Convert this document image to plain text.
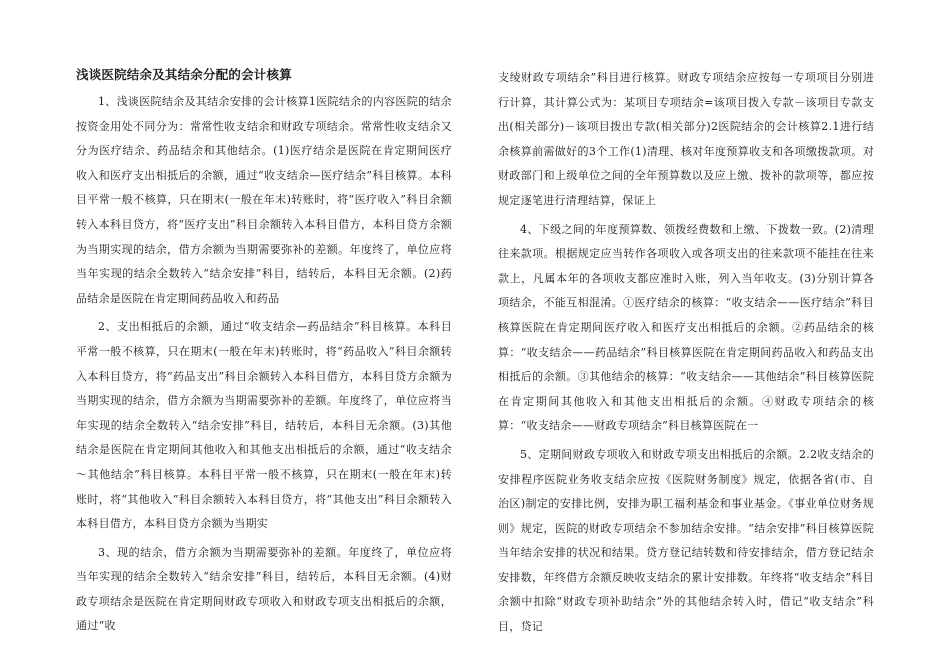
浅谈医院结余及其结余分配的会计核算

1、浅谈医院结余及其结余安排的会计核算1医院结余的内容医院的结余按资金用处不同分为：常常性收支结余和财政专项结余。常常性收支结余又分为医疗结余、药品结余和其他结余。(1)医疗结余是医院在肯定期间医疗收入和医疗支出相抵后的余额，通过“收支结余—医疗结余”科目核算。本科目平常一般不核算，只在期末(一般在年末)转账时，将“医疗收入”科目余额转入本科目贷方，将“医疗支出”科目余额转入本科目借方，本科目贷方余额为当期实现的结余，借方余额为当期需要弥补的差额。年度终了，单位应将当年实现的结余全数转入“结余安排”科目，结转后，本科目无余额。(2)药品结余是医院在肯定期间药品收入和药品

2、支出相抵后的余额，通过“收支结余—药品结余”科目核算。本科目平常一般不核算，只在期末(一般在年末)转账时，将“药品收入”科目余额转入本科目贷方，将“药品支出”科目余额转入本科目借方，本科目贷方余额为当期实现的结余，借方余额为当期需要弥补的差额。年度终了，单位应将当年实现的结余全数转入“结余安排”科目，结转后，本科目无余额。(3)其他结余是医院在肯定期间其他收入和其他支出相抵后的余额，通过“收支结余～其他结余”科目核算。本科目平常一般不核算，只在期末(一般在年末)转账时，将“其他收入”科目余额转入本科目贷方，将“其他支出”科目余额转入本科目借方，本科目贷方余额为当期实

3、现的结余，借方余额为当期需要弥补的差额。年度终了，单位应将当年实现的结余全数转入“结余安排”科目，结转后，本科目无余额。(4)财政专项结余是医院在肯定期间财政专项收入和财政专项支出相抵后的余额，通过“收

支绫财政专项结余”科目进行核算。财政专项结余应按每一专项项目分别进行计算，其计算公式为：某项目专项结余=该项目拨入专款－该项目专款支出(相关部分)－该项目拨出专款(相关部分)2医院结余的会计核算2.1进行结余核算前需做好的3个工作(1)清理、核对年度预算收支和各项缴拨款项。对财政部门和上级单位之间的全年预算数以及应上缴、拨补的款项等，都应按规定逐笔进行清理结算，保证上

4、下级之间的年度预算数、领拨经费数和上缴、下拨数一致。(2)清理往来款项。根据规定应当转作各项收入或各项支出的往来款项不能挂在往来款上，凡属本年的各项收支都应准时入账，列入当年收支。(3)分别计算各项结余，不能互相混淆。①医疗结余的核算：“收支结余——医疗结余”科目核算医院在肯定期间医疗收入和医疗支出相抵后的余额。②药品结余的核算：“收支结余——药品结余”科目核算医院在肯定期间药品收入和药品支出相抵后的余额。③其他结余的核算：“收支结余——其他结余”科目核算医院在肯定期间其他收入和其他支出相抵后的余额。④财政专项结余的核算：“收支结余——财政专项结余”科目核算医院在一

5、定期间财政专项收入和财政专项支出相抵后的余额。2.2收支结余的安排程序医院业务收支结余应按《医院财务制度》规定，依据各省(市、自治区)制定的安排比例，安排为职工福利基金和事业基金。《事业单位财务规则》规定，医院的财政专项结余不参加结余安排。“结余安排”科目核算医院当年结余安排的状况和结果。贷方登记结转数和待安排结余，借方登记结余安排数，年终借方余额反映收支结余的累计安排数。年终将“收支结余”科目余额中扣除“财政专项补助结余”外的其他结余转入时，借记“收支结余”科目，贷记
